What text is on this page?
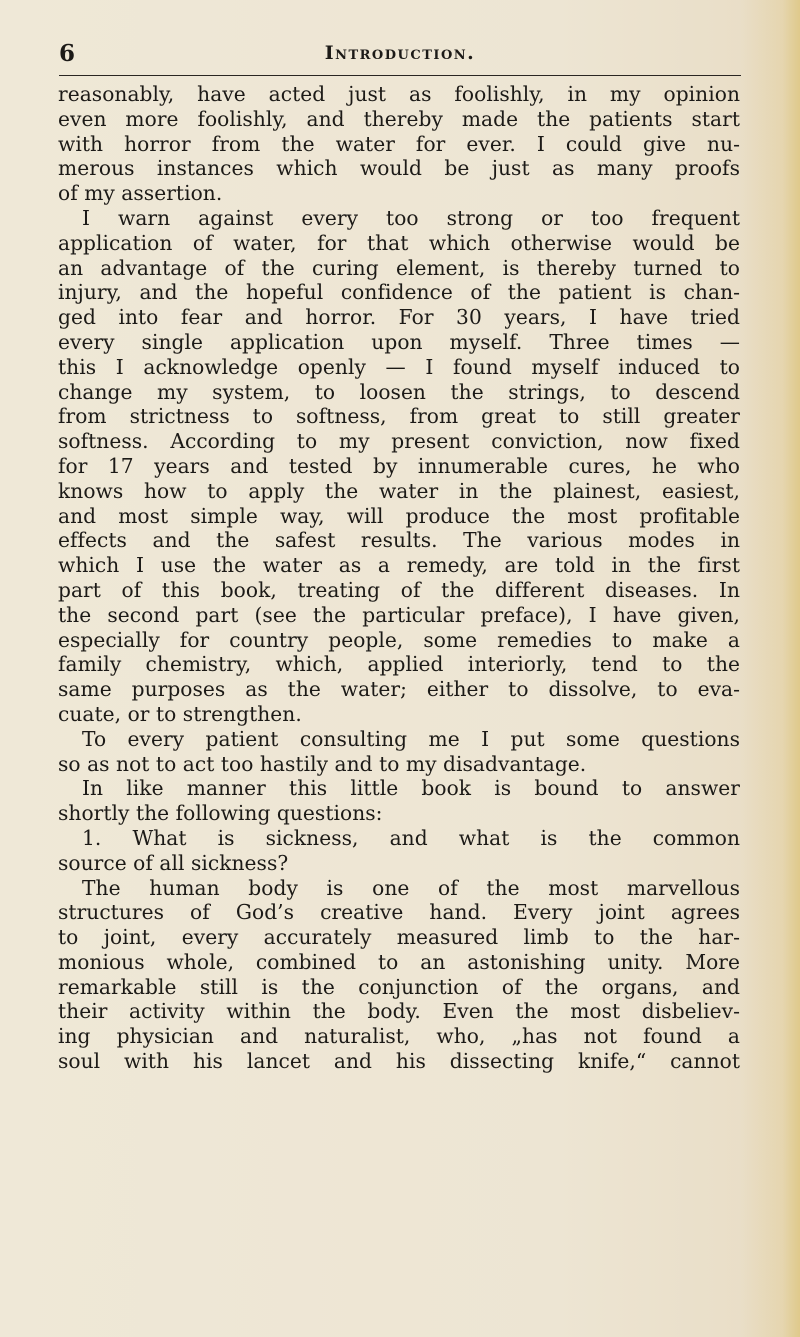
6	Introduction.
reasonably, have acted just as foolishly, in my opinion
even more foolishly, and thereby made the patients start
with horror from the water for ever. I could give nu-
merous instances which would be just as many proofs
of my assertion.
I warn against every too strong or too frequent
application of water, for that which otherwise would be
an advantage of the curing element, is thereby turned to
injury, and the hopeful confidence of the patient is chan-
ged into fear and horror. For 30 years, I have tried
every single application upon myself. Three times —
this I acknowledge openly — I found myself induced to
change my system, to loosen the strings, to descend
from strictness to softness, from great to still greater
softness. According to my present conviction, now fixed
for 17 years and tested by innumerable cures, he who
knows how to apply the water in the plainest, easiest,
and most simple way, will produce the most profitable
effects and the safest results. The various modes in
which I use the water as a remedy, are told in the first
part of this book, treating of the different diseases. In
the second part (see the particular preface), I have given,
especially for country people, some remedies to make a
family chemistry, which, applied interiorly, tend to the
same purposes as the water; either to dissolve, to eva-
cuate, or to strengthen.
To every patient consulting me I put some questions
so as not to act too hastily and to my disadvantage.
In like manner this little book is bound to answer
shortly the following questions:
1. What is sickness, and what is the common
source of all sickness?
The human body is one of the most marvellous
structures of God’s creative hand. Every joint agrees
to joint, every accurately measured limb to the har-
monious whole, combined to an astonishing unity. More
remarkable still is the conjunction of the organs, and
their activity within the body. Even the most disbeliev-
ing physician and naturalist, who, „has not found a
soul with his lancet and his dissecting knife,“ cannot
